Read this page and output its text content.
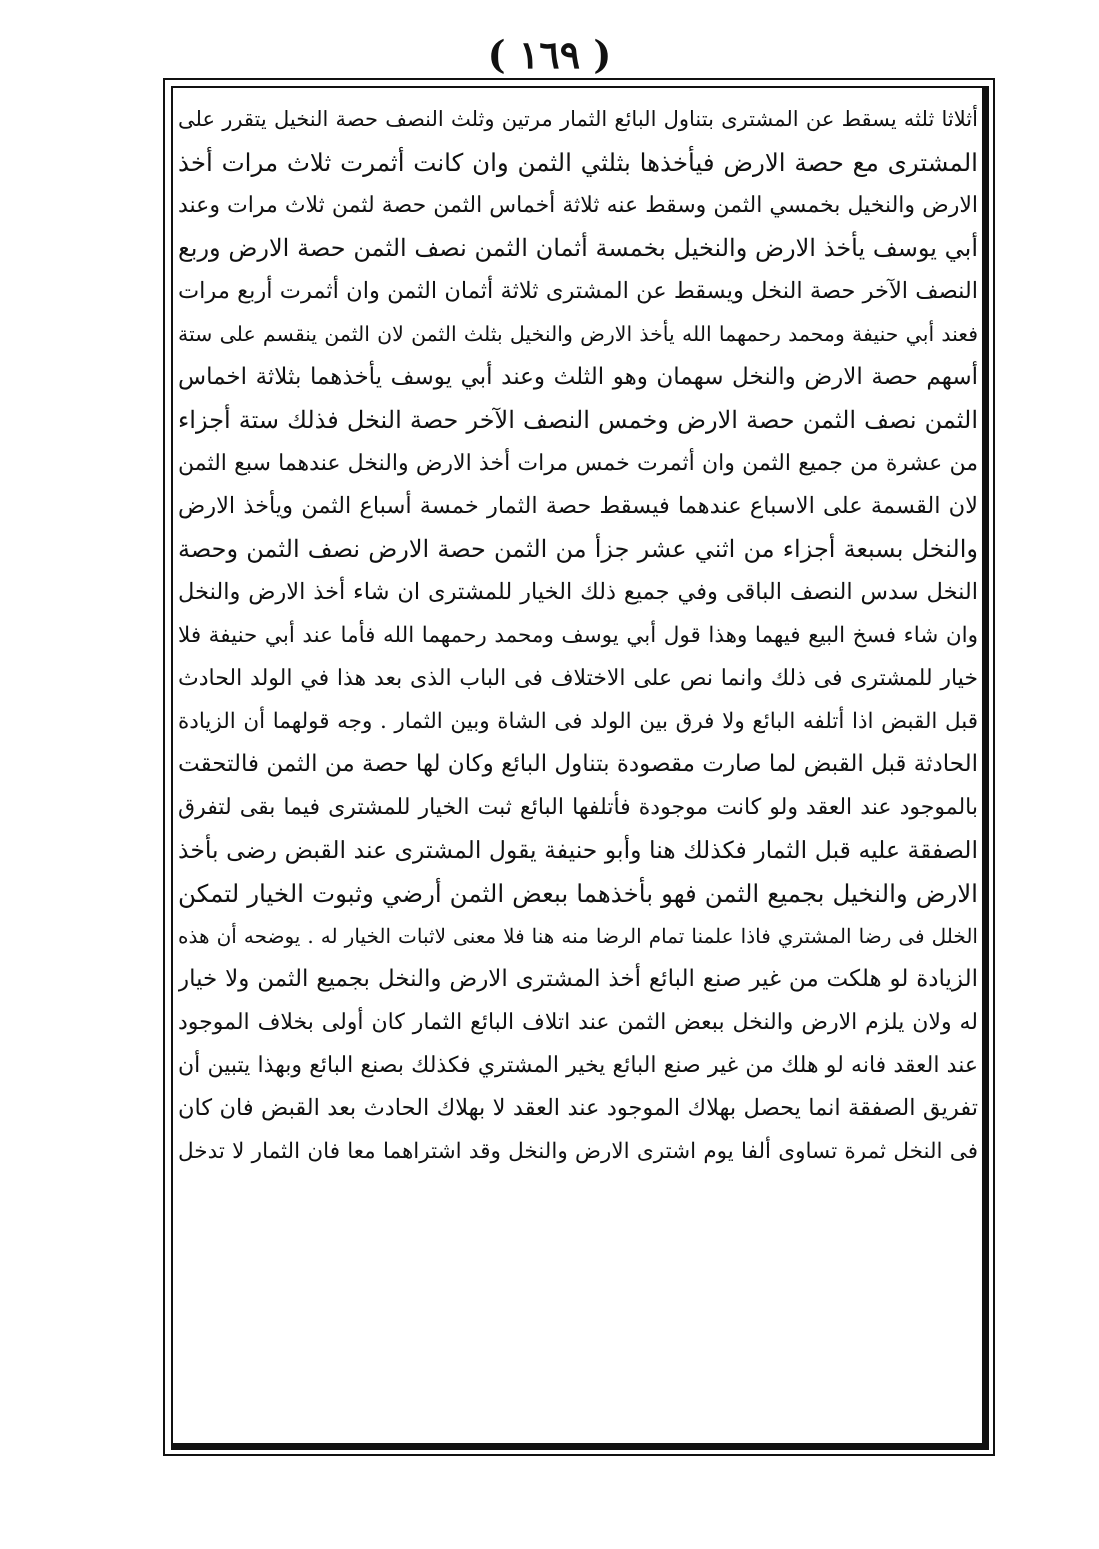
( ١٦٩ )
أثلاثا ثلثه يسقط عن المشترى بتناول البائع الثمار مرتين وثلث النصف حصة النخيل يتقرر على
المشترى مع حصة الارض فيأخذها بثلثي الثمن وان كانت أثمرت ثلاث مرات أخذ
الارض والنخيل بخمسي الثمن وسقط عنه ثلاثة أخماس الثمن حصة لثمن ثلاث مرات وعند
أبي يوسف يأخذ الارض والنخيل بخمسة أثمان الثمن نصف الثمن حصة الارض وربع
النصف الآخر حصة النخل ويسقط عن المشترى ثلاثة أثمان الثمن وان أثمرت أربع مرات
فعند أبي حنيفة ومحمد رحمهما الله يأخذ الارض والنخيل بثلث الثمن لان الثمن ينقسم على ستة
أسهم حصة الارض والنخل سهمان وهو الثلث وعند أبي يوسف يأخذهما بثلاثة اخماس
الثمن نصف الثمن حصة الارض وخمس النصف الآخر حصة النخل فذلك ستة أجزاء
من عشرة من جميع الثمن وان أثمرت خمس مرات أخذ الارض والنخل عندهما سبع الثمن
لان القسمة على الاسباع عندهما فيسقط حصة الثمار خمسة أسباع الثمن ويأخذ الارض
والنخل بسبعة أجزاء من اثني عشر جزأ من الثمن حصة الارض نصف الثمن وحصة
النخل سدس النصف الباقى وفي جميع ذلك الخيار للمشترى ان شاء أخذ الارض والنخل
وان شاء فسخ البيع فيهما وهذا قول أبي يوسف ومحمد رحمهما الله فأما عند أبي حنيفة فلا
خيار للمشترى فى ذلك وانما نص على الاختلاف فى الباب الذى بعد هذا في الولد الحادث
قبل القبض اذا أتلفه البائع ولا فرق بين الولد فى الشاة وبين الثمار . وجه قولهما أن الزيادة
الحادثة قبل القبض لما صارت مقصودة بتناول البائع وكان لها حصة من الثمن فالتحقت
بالموجود عند العقد ولو كانت موجودة فأتلفها البائع ثبت الخيار للمشترى فيما بقى لتفرق
الصفقة عليه قبل الثمار فكذلك هنا وأبو حنيفة يقول المشترى عند القبض رضى بأخذ
الارض والنخيل بجميع الثمن فهو بأخذهما ببعض الثمن أرضي وثبوت الخيار لتمكن
الخلل فى رضا المشتري فاذا علمنا تمام الرضا منه هنا فلا معنى لاثبات الخيار له . يوضحه أن هذه
الزيادة لو هلكت من غير صنع البائع أخذ المشترى الارض والنخل بجميع الثمن ولا خيار
له ولان يلزم الارض والنخل ببعض الثمن عند اتلاف البائع الثمار كان أولى بخلاف الموجود
عند العقد فانه لو هلك من غير صنع البائع يخير المشتري فكذلك بصنع البائع وبهذا يتبين أن
تفريق الصفقة انما يحصل بهلاك الموجود عند العقد لا بهلاك الحادث بعد القبض فان كان
فى النخل ثمرة تساوى ألفا يوم اشترى الارض والنخل وقد اشتراهما معا فان الثمار لا تدخل
